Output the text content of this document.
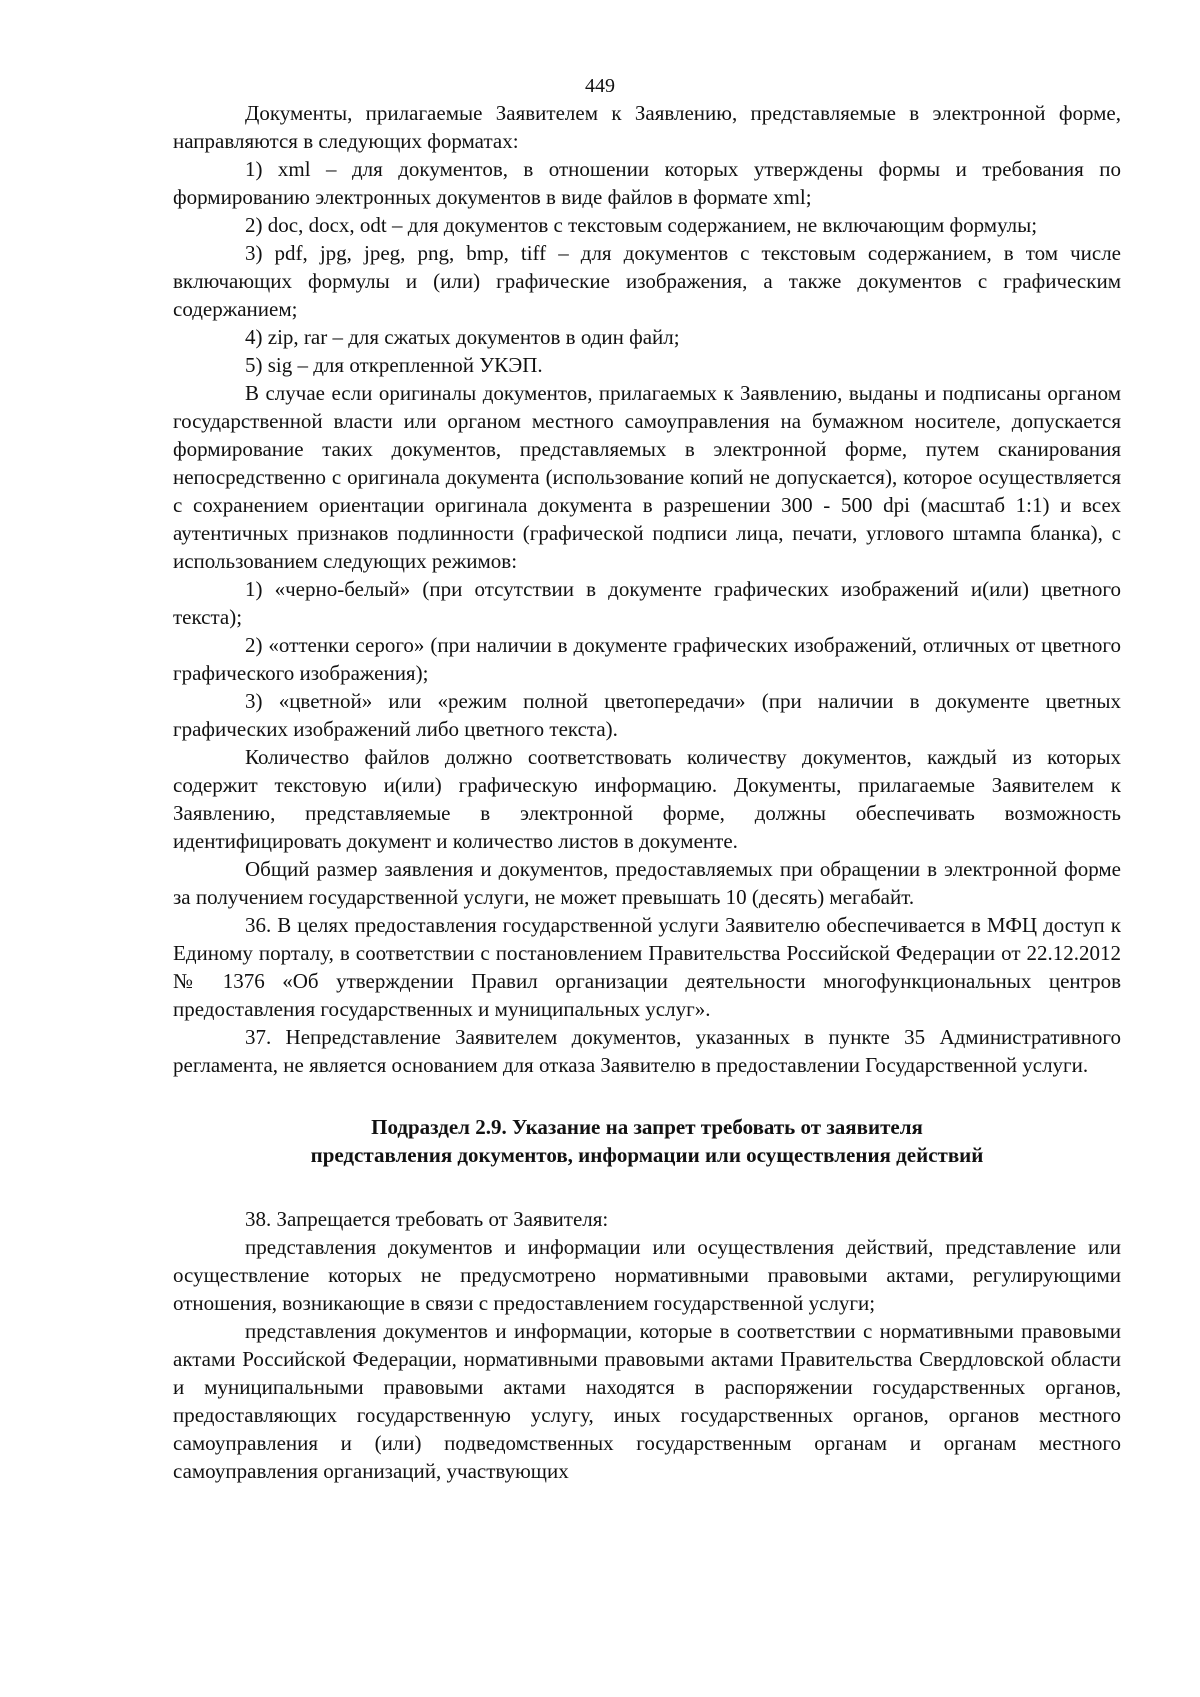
449

Документы, прилагаемые Заявителем к Заявлению, представляемые в электронной форме, направляются в следующих форматах:

1) xml – для документов, в отношении которых утверждены формы и требования по формированию электронных документов в виде файлов в формате xml;

2) doc, docx, odt – для документов с текстовым содержанием, не включающим формулы;

3) pdf, jpg, jpeg, png, bmp, tiff – для документов с текстовым содержанием, в том числе включающих формулы и (или) графические изображения, а также документов с графическим содержанием;

4) zip, rar – для сжатых документов в один файл;

5) sig – для открепленной УКЭП.

В случае если оригиналы документов, прилагаемых к Заявлению, выданы и подписаны органом государственной власти или органом местного самоуправления на бумажном носителе, допускается формирование таких документов, представляемых в электронной форме, путем сканирования непосредственно с оригинала документа (использование копий не допускается), которое осуществляется с сохранением ориентации оригинала документа в разрешении 300 - 500 dpi (масштаб 1:1) и всех аутентичных признаков подлинности (графической подписи лица, печати, углового штампа бланка), с использованием следующих режимов:

1) «черно-белый» (при отсутствии в документе графических изображений и(или) цветного текста);

2) «оттенки серого» (при наличии в документе графических изображений, отличных от цветного графического изображения);

3) «цветной» или «режим полной цветопередачи» (при наличии в документе цветных графических изображений либо цветного текста).

Количество файлов должно соответствовать количеству документов, каждый из которых содержит текстовую и(или) графическую информацию. Документы, прилагаемые Заявителем к Заявлению, представляемые в электронной форме, должны обеспечивать возможность идентифицировать документ и количество листов в документе.

Общий размер заявления и документов, предоставляемых при обращении в электронной форме за получением государственной услуги, не может превышать 10 (десять) мегабайт.

36. В целях предоставления государственной услуги Заявителю обеспечивается в МФЦ доступ к Единому порталу, в соответствии с постановлением Правительства Российской Федерации от 22.12.2012 № 1376 «Об утверждении Правил организации деятельности многофункциональных центров предоставления государственных и муниципальных услуг».

37. Непредставление Заявителем документов, указанных в пункте 35 Административного регламента, не является основанием для отказа Заявителю в предоставлении Государственной услуги.

Подраздел 2.9. Указание на запрет требовать от заявителя
представления документов, информации или осуществления действий

38. Запрещается требовать от Заявителя:

представления документов и информации или осуществления действий, представление или осуществление которых не предусмотрено нормативными правовыми актами, регулирующими отношения, возникающие в связи с предоставлением государственной услуги;

представления документов и информации, которые в соответствии с нормативными правовыми актами Российской Федерации, нормативными правовыми актами Правительства Свердловской области и муниципальными правовыми актами находятся в распоряжении государственных органов, предоставляющих государственную услугу, иных государственных органов, органов местного самоуправления и (или) подведомственных государственным органам и органам местного самоуправления организаций, участвующих
